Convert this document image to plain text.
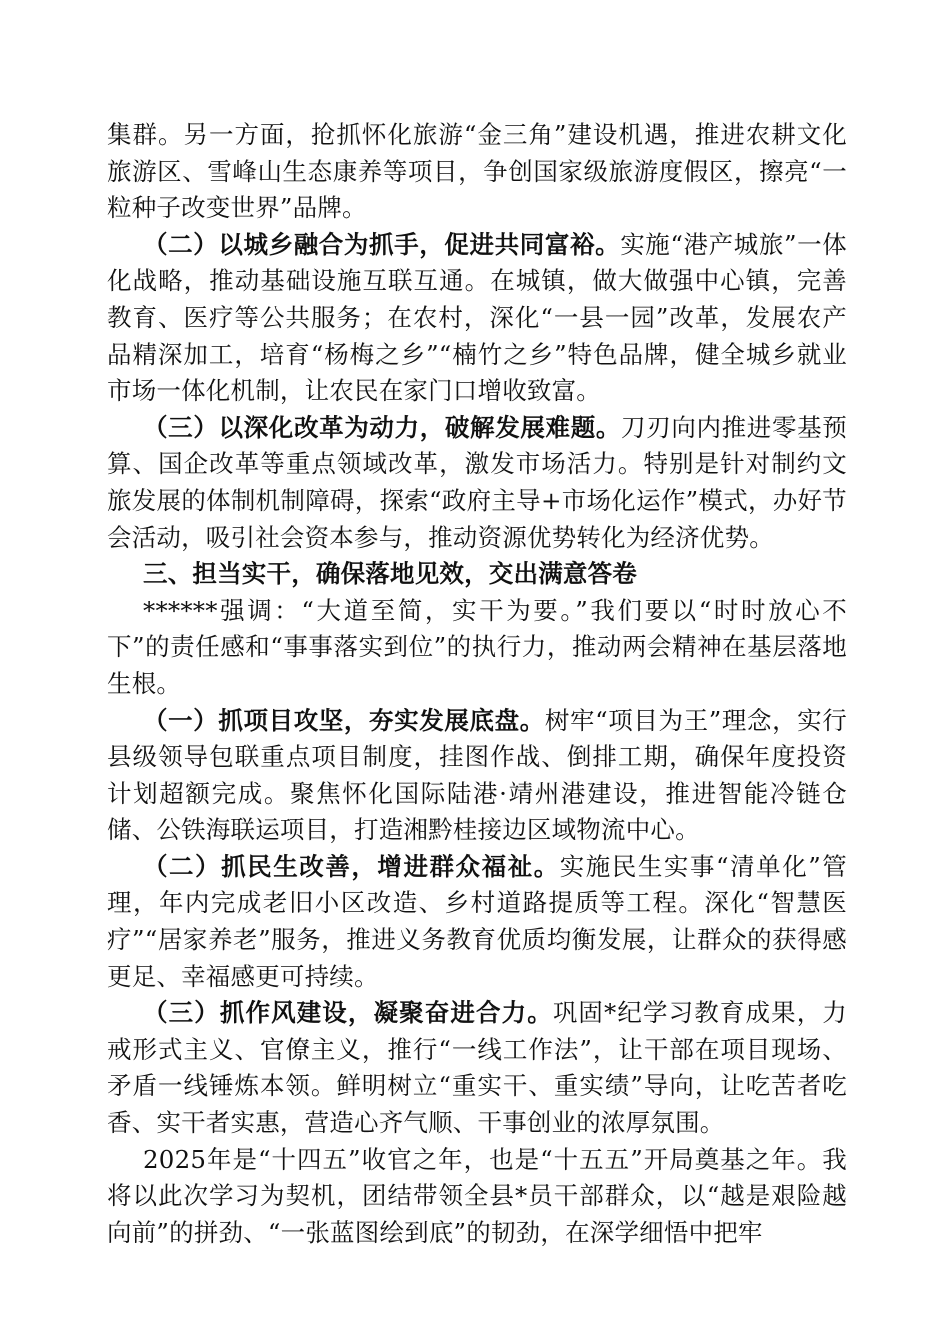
集群。另一方面，抢抓怀化旅游“金三角”建设机遇，推进农耕文化旅游区、雪峰山生态康养等项目，争创国家级旅游度假区，擦亮“一粒种子改变世界”品牌。

（二）以城乡融合为抓手，促进共同富裕。实施“港产城旅”一体化战略，推动基础设施互联互通。在城镇，做大做强中心镇，完善教育、医疗等公共服务；在农村，深化“一县一园”改革，发展农产品精深加工，培育“杨梅之乡”“楠竹之乡”特色品牌，健全城乡就业市场一体化机制，让农民在家门口增收致富。

（三）以深化改革为动力，破解发展难题。刀刃向内推进零基预算、国企改革等重点领域改革，激发市场活力。特别是针对制约文旅发展的体制机制障碍，探索“政府主导+市场化运作”模式，办好节会活动，吸引社会资本参与，推动资源优势转化为经济优势。

三、担当实干，确保落地见效，交出满意答卷

******强调：“大道至简，实干为要。”我们要以“时时放心不下”的责任感和“事事落实到位”的执行力，推动两会精神在基层落地生根。

（一）抓项目攻坚，夯实发展底盘。树牢“项目为王”理念，实行县级领导包联重点项目制度，挂图作战、倒排工期，确保年度投资计划超额完成。聚焦怀化国际陆港·靖州港建设，推进智能冷链仓储、公铁海联运项目，打造湘黔桂接边区域物流中心。

（二）抓民生改善，增进群众福祉。实施民生实事“清单化”管理，年内完成老旧小区改造、乡村道路提质等工程。深化“智慧医疗”“居家养老”服务，推进义务教育优质均衡发展，让群众的获得感更足、幸福感更可持续。

（三）抓作风建设，凝聚奋进合力。巩固*纪学习教育成果，力戒形式主义、官僚主义，推行“一线工作法”，让干部在项目现场、矛盾一线锤炼本领。鲜明树立“重实干、重实绩”导向，让吃苦者吃香、实干者实惠，营造心齐气顺、干事创业的浓厚氛围。

2025年是“十四五”收官之年，也是“十五五”开局奠基之年。我将以此次学习为契机，团结带领全县*员干部群众，以“越是艰险越向前”的拼劲、“一张蓝图绘到底”的韧劲，在深学细悟中把牢
